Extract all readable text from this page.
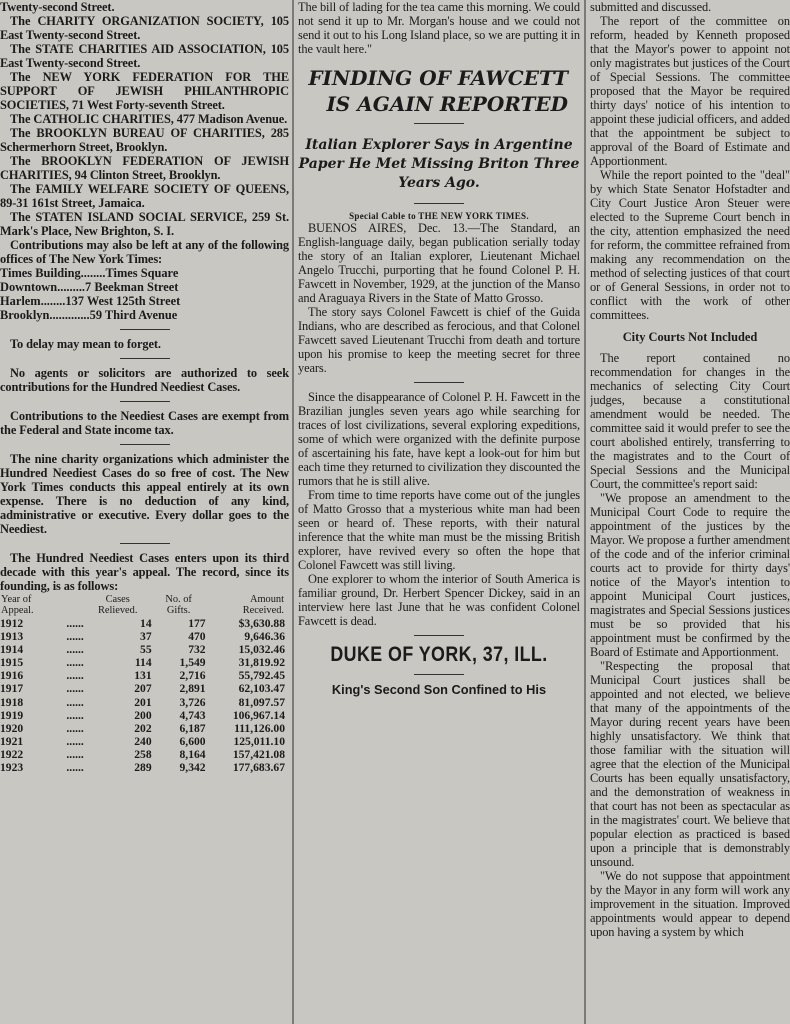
Twenty-second Street.

The CHARITY ORGANIZATION SOCIETY, 105 East Twenty-second Street.

The STATE CHARITIES AID ASSOCIATION, 105 East Twenty-second Street.

The NEW YORK FEDERATION FOR THE SUPPORT OF JEWISH PHILANTHROPIC SOCIETIES, 71 West Forty-seventh Street.

The CATHOLIC CHARITIES, 477 Madison Avenue.

The BROOKLYN BUREAU OF CHARITIES, 285 Schermerhorn Street, Brooklyn.

The BROOKLYN FEDERATION OF JEWISH CHARITIES, 94 Clinton Street, Brooklyn.

The FAMILY WELFARE SOCIETY OF QUEENS, 89-31 161st Street, Jamaica.

The STATEN ISLAND SOCIAL SERVICE, 259 St. Mark's Place, New Brighton, S. I.

Contributions may also be left at any of the following offices of The New York Times:

Times Building........Times Square
Downtown.........7 Beekman Street
Harlem........137 West 125th Street
Brooklyn.............59 Third Avenue

To delay may mean to forget.

No agents or solicitors are authorized to seek contributions for the Hundred Neediest Cases.

Contributions to the Neediest Cases are exempt from the Federal and State income tax.

The nine charity organizations which administer the Hundred Neediest Cases do so free of cost. The New York Times conducts this appeal entirely at its own expense. There is no deduction of any kind, administrative or executive. Every dollar goes to the Neediest.

The Hundred Neediest Cases enters upon its third decade with this year's appeal. The record, since its founding, is as follows:

Year of Appeal.		Cases Relieved.	No. of Gifts.	Amount Received.
1912	......	14	177	$3,630.88
1913	......	37	470	9,646.36
1914	......	55	732	15,032.46
1915	......	114	1,549	31,819.92
1916	......	131	2,716	55,792.45
1917	......	207	2,891	62,103.47
1918	......	201	3,726	81,097.57
1919	......	200	4,743	106,967.14
1920	......	202	6,187	111,126.00
1921	......	240	6,600	125,011.10
1922	......	258	8,164	157,421.08
1923	......	289	9,342	177,683.67

The bill of lading for the tea came this morning. We could not send it up to Mr. Morgan's house and we could not send it out to his Long Island place, so we are putting it in the vault here."

FINDING OF FAWCETT
IS AGAIN REPORTED
Italian Explorer Says in Argentine Paper He Met Missing Briton Three Years Ago.
Special Cable to THE NEW YORK TIMES.

BUENOS AIRES, Dec. 13.—The Standard, an English-language daily, began publication serially today the story of an Italian explorer, Lieutenant Michael Angelo Trucchi, purporting that he found Colonel P. H. Fawcett in November, 1929, at the junction of the Manso and Araguaya Rivers in the State of Matto Grosso.

The story says Colonel Fawcett is chief of the Guida Indians, who are described as ferocious, and that Colonel Fawcett saved Lieutenant Trucchi from death and torture upon his promise to keep the meeting secret for three years.

Since the disappearance of Colonel P. H. Fawcett in the Brazilian jungles seven years ago while searching for traces of lost civilizations, several exploring expeditions, some of which were organized with the definite purpose of ascertaining his fate, have kept a look-out for him but each time they returned to civilization they discounted the rumors that he is still alive.

From time to time reports have come out of the jungles of Matto Grosso that a mysterious white man had been seen or heard of. These reports, with their natural inference that the white man must be the missing British explorer, have revived every so often the hope that Colonel Fawcett was still living.

One explorer to whom the interior of South America is familiar ground, Dr. Herbert Spencer Dickey, said in an interview here last June that he was confident Colonel Fawcett is dead.

DUKE OF YORK, 37, ILL.
King's Second Son Confined to His

submitted and discussed.

The report of the committee on reform, headed by Kenneth proposed that the Mayor's power to appoint not only magistrates but justices of the Court of Special Sessions. The committee proposed that the Mayor be required thirty days' notice of his intention to appoint these judicial officers, and added that the appointment be subject to approval of the Board of Estimate and Apportionment.

While the report pointed to the "deal" by which State Senator Hofstadter and City Court Justice Aron Steuer were elected to the Supreme Court bench in the city, attention emphasized the need for reform, the committee refrained from making any recommendation on the method of selecting justices of that court or of General Sessions, in order not to conflict with the work of other committees.

City Courts Not Included

The report contained no recommendation for changes in the mechanics of selecting City Court judges, because a constitutional amendment would be needed. The committee said it would prefer to see the court abolished entirely, transferring to the magistrates and to the Court of Special Sessions and the Municipal Court, the committee's report said:

"We propose an amendment to the Municipal Court Code to require the appointment of the justices by the Mayor. We propose a further amendment of the code and of the inferior criminal courts act to provide for thirty days' notice of the Mayor's intention to appoint Municipal Court justices, magistrates and Special Sessions justices must be so provided that his appointment must be confirmed by the Board of Estimate and Apportionment.

"Respecting the proposal that Municipal Court justices shall be appointed and not elected, we believe that many of the appointments of the Mayor during recent years have been highly unsatisfactory. We think that those familiar with the situation will agree that the election of the Municipal Courts has been equally unsatisfactory, and the demonstration of weakness in that court has not been as spectacular as in the magistrates' court. We believe that popular election as practiced is based upon a principle that is demonstrably unsound.

"We do not suppose that appointment by the Mayor in any form will work any improvement in the situation. Improved appointments would appear to depend upon having a system by which
